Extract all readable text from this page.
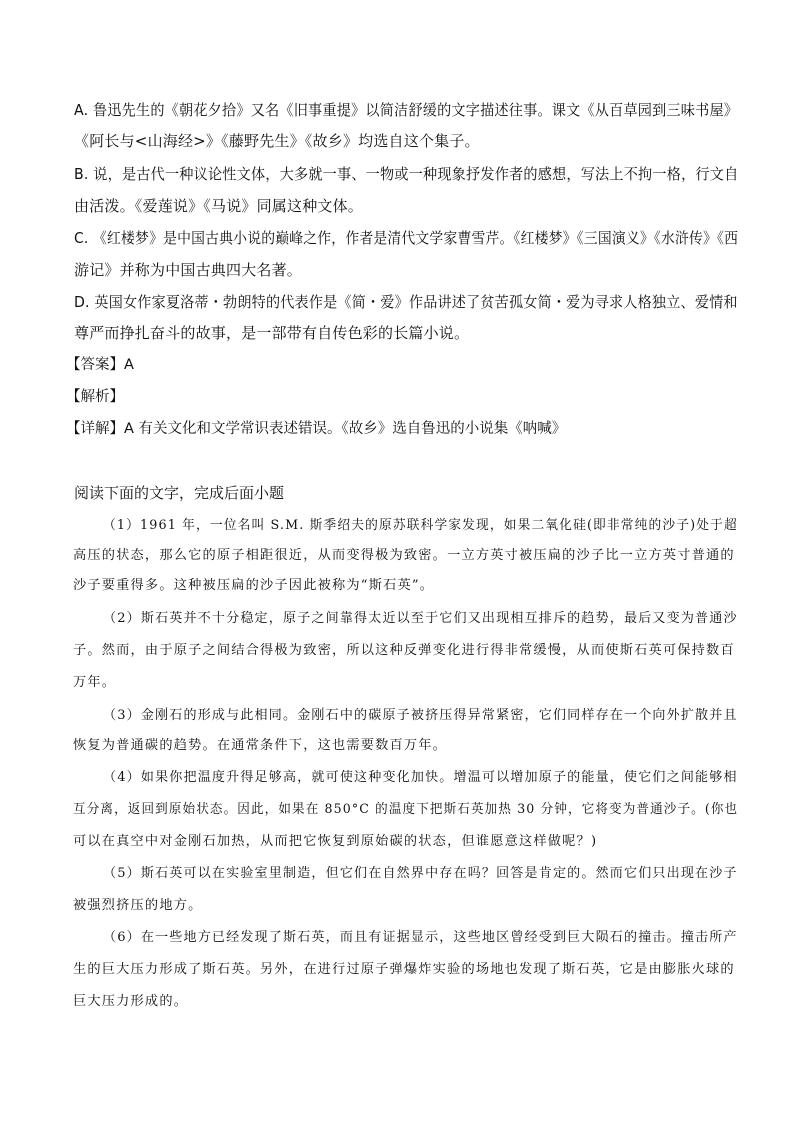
A. 鲁迅先生的《朝花夕拾》又名《旧事重提》以简洁舒缓的文字描述往事。课文《从百草园到三味书屋》
《阿长与<山海经>》《藤野先生》《故乡》均选自这个集子。
B. 说，是古代一种议论性文体，大多就一事、一物或一种现象抒发作者的感想，写法上不拘一格，行文自
由活泼。《爱莲说》《马说》同属这种文体。
C. 《红楼梦》是中国古典小说的巅峰之作，作者是清代文学家曹雪芹。《红楼梦》《三国演义》《水浒传》《西
游记》并称为中国古典四大名著。
D. 英国女作家夏洛蒂・勃朗特的代表作是《简・爱》作品讲述了贫苦孤女简・爱为寻求人格独立、爱情和
尊严而挣扎奋斗的故事，是一部带有自传色彩的长篇小说。
【答案】A
【解析】
【详解】A 有关文化和文学常识表述错误。《故乡》选自鲁迅的小说集《呐喊》
阅读下面的文字，完成后面小题
（1）1961 年，一位名叫 S.M. 斯季绍夫的原苏联科学家发现，如果二氧化硅(即非常纯的沙子)处于超
高压的状态，那么它的原子相距很近，从而变得极为致密。一立方英寸被压扁的沙子比一立方英寸普通的
沙子要重得多。这种被压扁的沙子因此被称为“斯石英”。
（2）斯石英并不十分稳定，原子之间靠得太近以至于它们又出现相互排斥的趋势，最后又变为普通沙
子。然而，由于原子之间结合得极为致密，所以这种反弹变化进行得非常缓慢，从而使斯石英可保持数百
万年。
（3）金刚石的形成与此相同。金刚石中的碳原子被挤压得异常紧密，它们同样存在一个向外扩散并且
恢复为普通碳的趋势。在通常条件下，这也需要数百万年。
（4）如果你把温度升得足够高，就可使这种变化加快。增温可以增加原子的能量，使它们之间能够相
互分离，返回到原始状态。因此，如果在 850°C 的温度下把斯石英加热 30 分钟，它将变为普通沙子。(你也
可以在真空中对金刚石加热，从而把它恢复到原始碳的状态，但谁愿意这样做呢？)
（5）斯石英可以在实验室里制造，但它们在自然界中存在吗？回答是肯定的。然而它们只出现在沙子
被强烈挤压的地方。
（6）在一些地方已经发现了斯石英，而且有证据显示，这些地区曾经受到巨大陨石的撞击。撞击所产
生的巨大压力形成了斯石英。另外，在进行过原子弹爆炸实验的场地也发现了斯石英，它是由膨胀火球的
巨大压力形成的。
